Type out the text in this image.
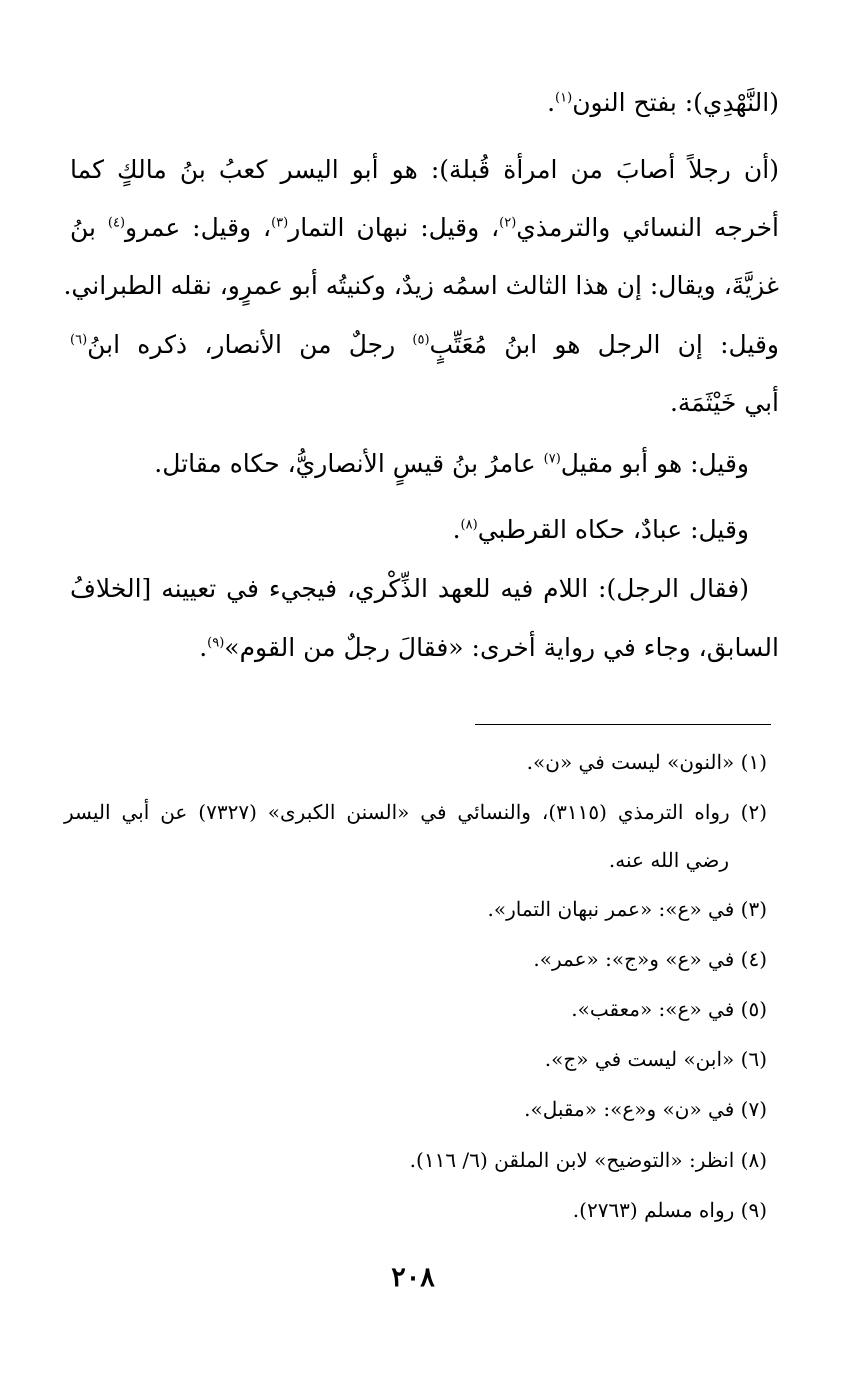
(النَّهْدِي): بفتح النون$^{(١)}$.
(أن رجلاً أصابَ من امرأة قُبلة): هو أبو اليسر كعبُ بنُ مالكٍ كما
أخرجه النسائي والترمذي$^{(٢)}$، وقيل: نبهان التمار$^{(٣)}$، وقيل: عمرو$^{(٤)}$ بنُ
غزيَّةَ، ويقال: إن هذا الثالث اسمُه زيدٌ، وكنيتُه أبو عمرٍو، نقله الطبراني.
وقيل: إن الرجل هو ابنُ مُعَتِّبٍ$^{(٥)}$ رجلٌ من الأنصار، ذكره ابنُ$^{(٦)}$
أبي خَيْثَمَة.
وقيل: هو أبو مقيل$^{(٧)}$ عامرُ بنُ قيسٍ الأنصاريُّ، حكاه مقاتل.
وقيل: عبادٌ، حكاه القرطبي$^{(٨)}$.
(فقال الرجل): اللام فيه للعهد الذِّكْري، فيجيء في تعيينه [الخلافُ
السابق، وجاء في رواية أخرى: «فقالَ رجلٌ من القوم»$^{(٩)}$.
(١) «النون» ليست في «ن».
(٢) رواه الترمذي (٣١١٥)، والنسائي في «السنن الكبرى» (٧٣٢٧) عن أبي اليسر
رضي الله عنه.
(٣) في «ع»: «عمر نبهان التمار».
(٤) في «ع» و«ج»: «عمر».
(٥) في «ع»: «معقب».
(٦) «ابن» ليست في «ج».
(٧) في «ن» و«ع»: «مقبل».
(٨) انظر: «التوضيح» لابن الملقن (٦/ ١١٦).
(٩) رواه مسلم (٢٧٦٣).
٢٠٨
